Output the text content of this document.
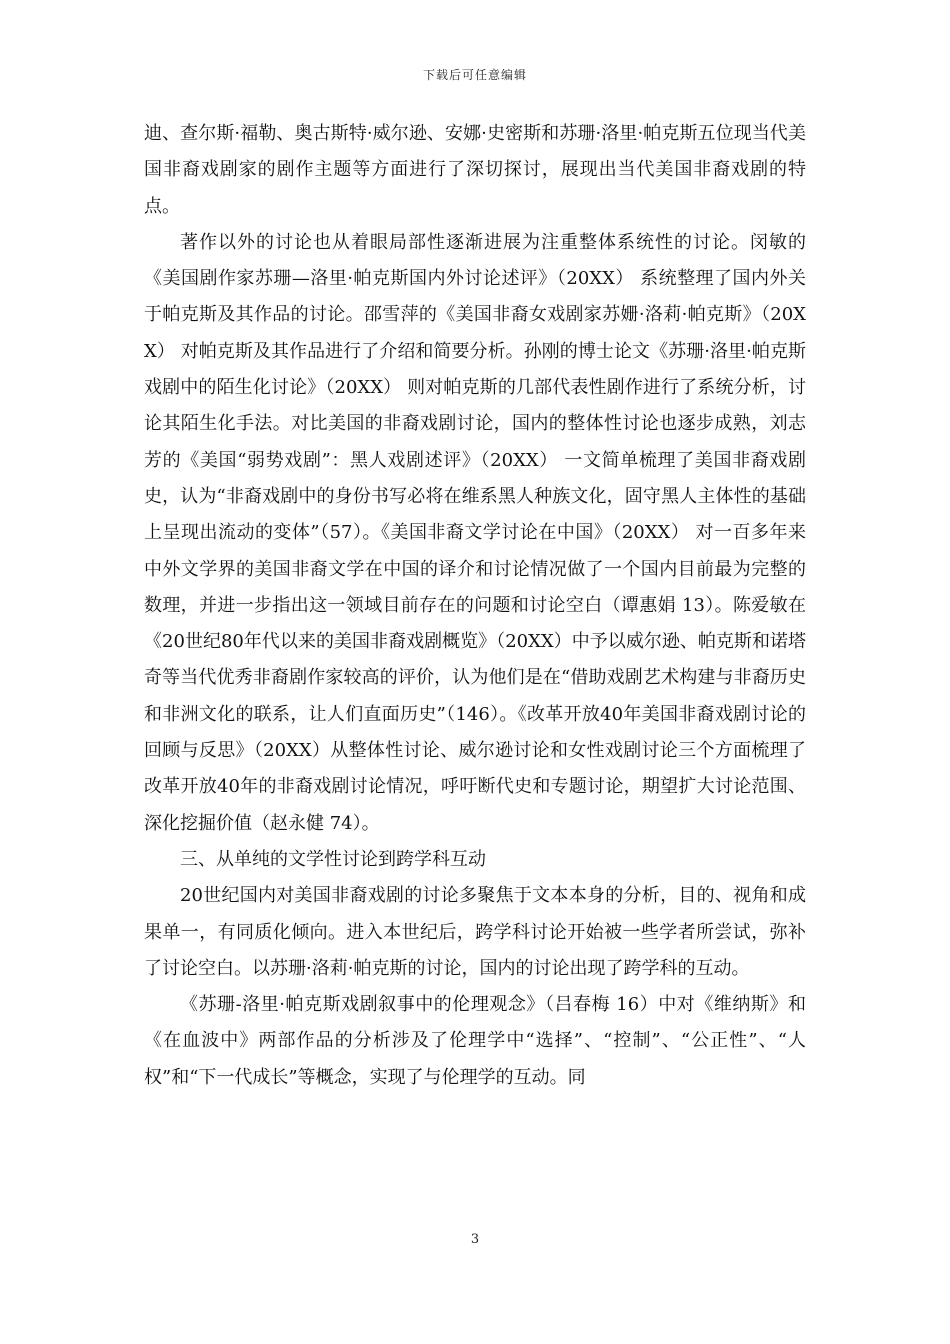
下载后可任意编辑

迪、查尔斯·福勒、奥古斯特·威尔逊、安娜·史密斯和苏珊·洛里·帕克斯五位现当代美国非裔戏剧家的剧作主题等方面进行了深切探讨，展现出当代美国非裔戏剧的特点。

著作以外的讨论也从着眼局部性逐渐进展为注重整体系统性的讨论。闵敏的《美国剧作家苏珊—洛里·帕克斯国内外讨论述评》（20XX） 系统整理了国内外关于帕克斯及其作品的讨论。邵雪萍的《美国非裔女戏剧家苏姗·洛莉·帕克斯》（20XX） 对帕克斯及其作品进行了介绍和简要分析。孙刚的博士论文《苏珊·洛里·帕克斯戏剧中的陌生化讨论》（20XX） 则对帕克斯的几部代表性剧作进行了系统分析，讨论其陌生化手法。对比美国的非裔戏剧讨论，国内的整体性讨论也逐步成熟，刘志芳的《美国“弱势戏剧”：黑人戏剧述评》（20XX） 一文简单梳理了美国非裔戏剧史，认为“非裔戏剧中的身份书写必将在维系黑人种族文化，固守黑人主体性的基础上呈现出流动的变体”（57）。《美国非裔文学讨论在中国》（20XX） 对一百多年来中外文学界的美国非裔文学在中国的译介和讨论情况做了一个国内目前最为完整的数理，并进一步指出这一领域目前存在的问题和讨论空白（谭惠娟 13）。陈爱敏在《20世纪80年代以来的美国非裔戏剧概览》（20XX）中予以威尔逊、帕克斯和诺塔奇等当代优秀非裔剧作家较高的评价，认为他们是在“借助戏剧艺术构建与非裔历史和非洲文化的联系，让人们直面历史”（146）。《改革开放40年美国非裔戏剧讨论的回顾与反思》（20XX）从整体性讨论、威尔逊讨论和女性戏剧讨论三个方面梳理了改革开放40年的非裔戏剧讨论情况，呼吁断代史和专题讨论，期望扩大讨论范围、深化挖掘价值（赵永健 74）。

三、从单纯的文学性讨论到跨学科互动

20世纪国内对美国非裔戏剧的讨论多聚焦于文本本身的分析，目的、视角和成果单一，有同质化倾向。进入本世纪后，跨学科讨论开始被一些学者所尝试，弥补了讨论空白。以苏珊·洛莉·帕克斯的讨论，国内的讨论出现了跨学科的互动。

《苏珊-洛里·帕克斯戏剧叙事中的伦理观念》（吕春梅 16）中对《维纳斯》和《在血波中》两部作品的分析涉及了伦理学中“选择”、“控制”、“公正性”、“人权”和“下一代成长”等概念，实现了与伦理学的互动。同

3
